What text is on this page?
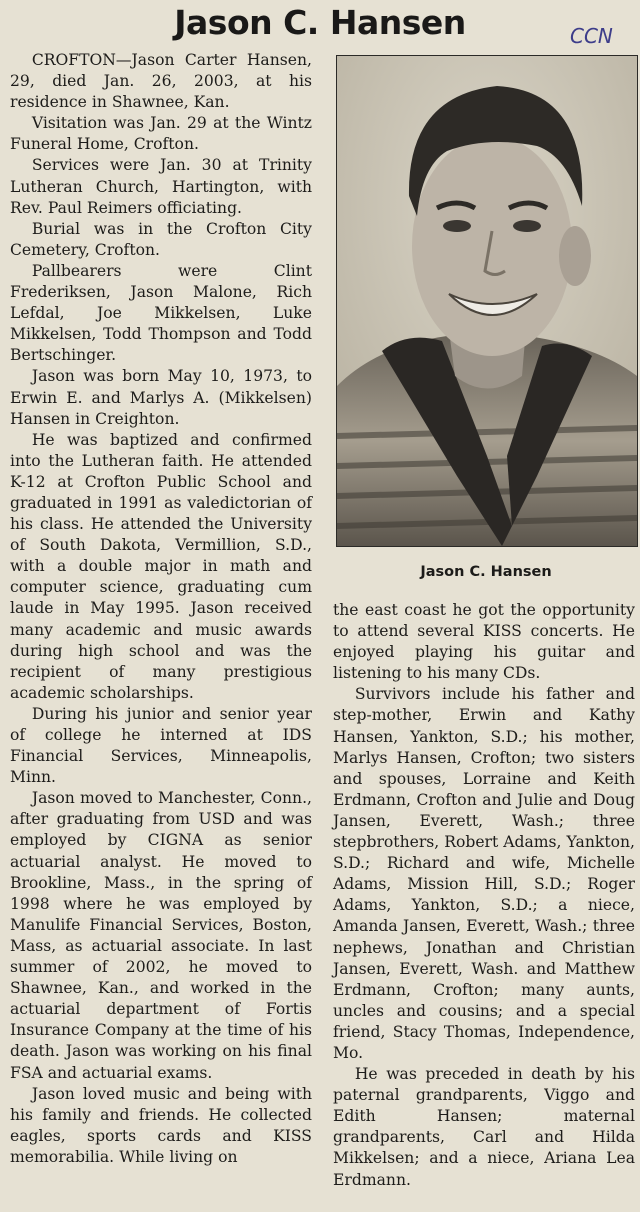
Jason C. Hansen	CCN

CROFTON—Jason Carter Hansen, 29, died Jan. 26, 2003, at his residence in Shawnee, Kan.

Visitation was Jan. 29 at the Wintz Funeral Home, Crofton.

Services were Jan. 30 at Trinity Lutheran Church, Hartington, with Rev. Paul Reimers officiating.

Burial was in the Crofton City Cemetery, Crofton.

Pallbearers were Clint Frederiksen, Jason Malone, Rich Lefdal, Joe Mikkelsen, Luke Mikkelsen, Todd Thompson and Todd Bertschinger.

Jason was born May 10, 1973, to Erwin E. and Marlys A. (Mikkelsen) Hansen in Creighton.

He was baptized and confirmed into the Lutheran faith. He attended K-12 at Crofton Public School and graduated in 1991 as valedictorian of his class. He attended the University of South Dakota, Vermillion, S.D., with a double major in math and computer science, graduating cum laude in May 1995. Jason received many academic and music awards during high school and was the recipient of many prestigious academic scholarships.

During his junior and senior year of college he interned at IDS Financial Services, Minneapolis, Minn.

Jason moved to Manchester, Conn., after graduating from USD and was employed by CIGNA as senior actuarial analyst. He moved to Brookline, Mass., in the spring of 1998 where he was employed by Manulife Financial Services, Boston, Mass, as actuarial associate. In last summer of 2002, he moved to Shawnee, Kan., and worked in the actuarial department of Fortis Insurance Company at the time of his death. Jason was working on his final FSA and actuarial exams.

Jason loved music and being with his family and friends. He collected eagles, sports cards and KISS memorabilia. While living on

Jason C. Hansen

the east coast he got the opportunity to attend several KISS concerts. He enjoyed playing his guitar and listening to his many CDs.

Survivors include his father and step-mother, Erwin and Kathy Hansen, Yankton, S.D.; his mother, Marlys Hansen, Crofton; two sisters and spouses, Lorraine and Keith Erdmann, Crofton and Julie and Doug Jansen, Everett, Wash.; three stepbrothers, Robert Adams, Yankton, S.D.; Richard and wife, Michelle Adams, Mission Hill, S.D.; Roger Adams, Yankton, S.D.; a niece, Amanda Jansen, Everett, Wash.; three nephews, Jonathan and Christian Jansen, Everett, Wash. and Matthew Erdmann, Crofton; many aunts, uncles and cousins; and a special friend, Stacy Thomas, Independence, Mo.

He was preceded in death by his paternal grandparents, Viggo and Edith Hansen; maternal grandparents, Carl and Hilda Mikkelsen; and a niece, Ariana Lea Erdmann.
